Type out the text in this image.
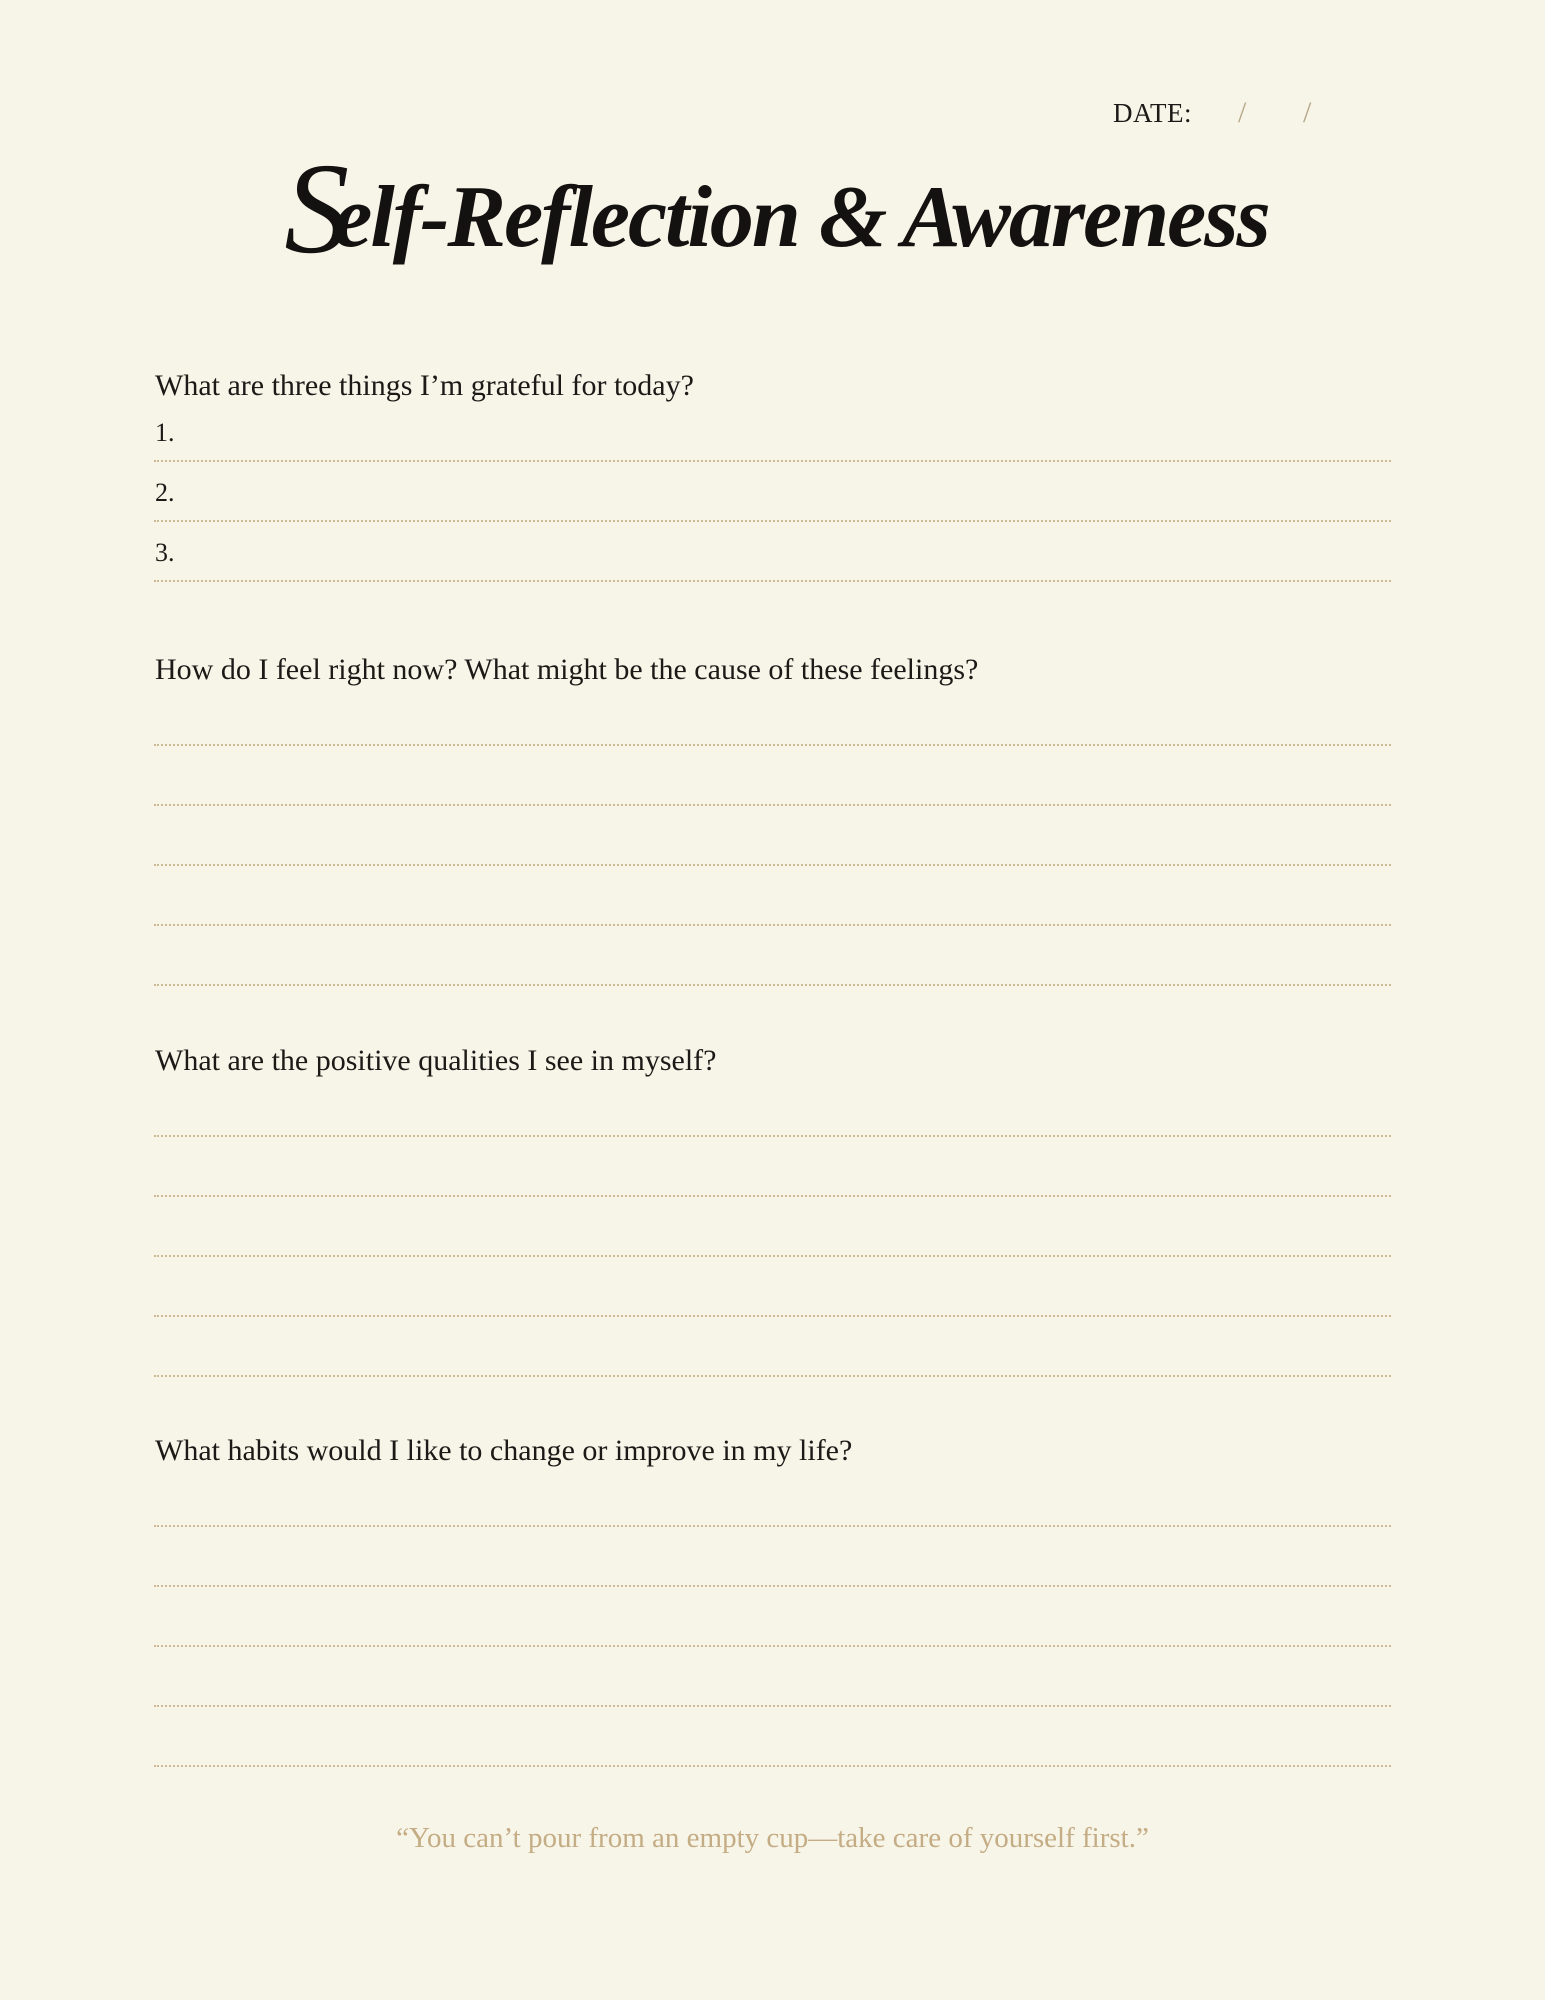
DATE: / /
Self-Reflection & Awareness
What are three things I’m grateful for today?
1.
2.
3.
How do I feel right now? What might be the cause of these feelings?
What are the positive qualities I see in myself?
What habits would I like to change or improve in my life?
“You can’t pour from an empty cup—take care of yourself first.”
